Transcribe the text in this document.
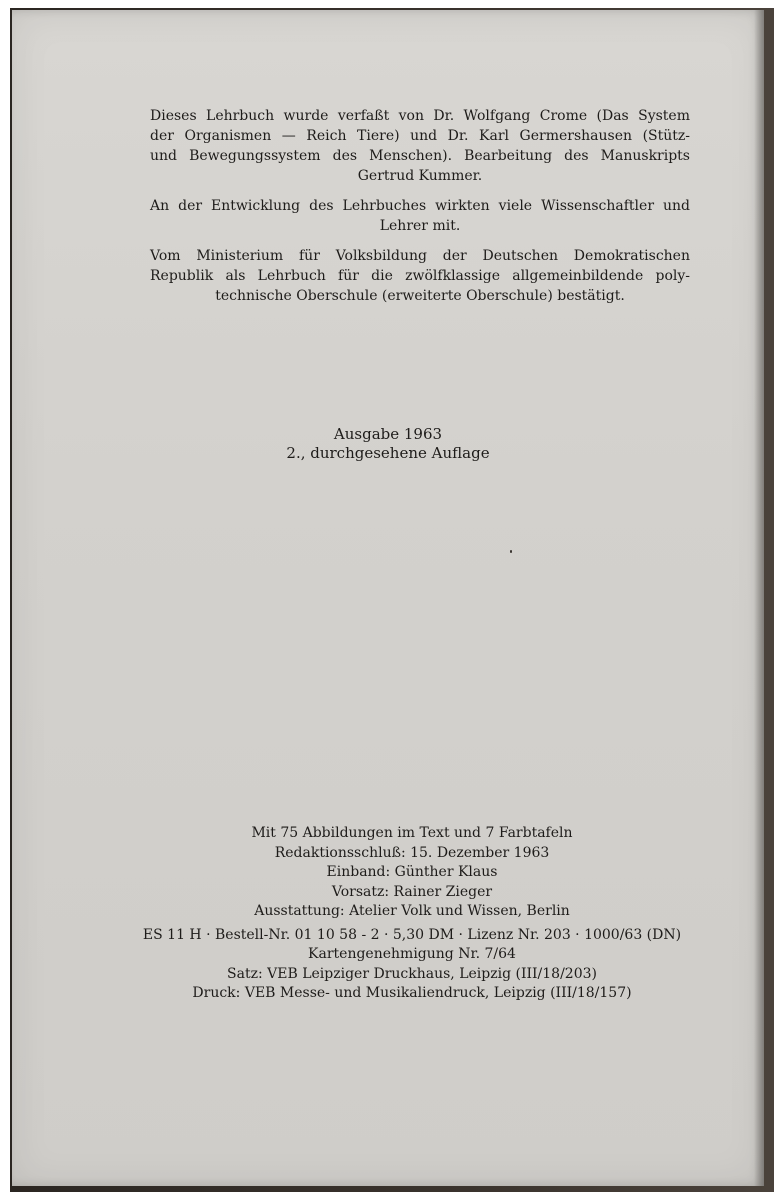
Dieses Lehrbuch wurde verfaßt von Dr. Wolfgang Crome (Das System
der Organismen — Reich Tiere) und Dr. Karl Germershausen (Stütz-
und Bewegungssystem des Menschen). Bearbeitung des Manuskripts
Gertrud Kummer.
An der Entwicklung des Lehrbuches wirkten viele Wissenschaftler und
Lehrer mit.
Vom Ministerium für Volksbildung der Deutschen Demokratischen
Republik als Lehrbuch für die zwölfklassige allgemeinbildende poly-
technische Oberschule (erweiterte Oberschule) bestätigt.
Ausgabe 1963
2., durchgesehene Auflage
Mit 75 Abbildungen im Text und 7 Farbtafeln
Redaktionsschluß: 15. Dezember 1963
Einband: Günther Klaus
Vorsatz: Rainer Zieger
Ausstattung: Atelier Volk und Wissen, Berlin
ES 11 H · Bestell-Nr. 01 10 58 - 2 · 5,30 DM · Lizenz Nr. 203 · 1000/63 (DN)
Kartengenehmigung Nr. 7/64
Satz: VEB Leipziger Druckhaus, Leipzig (III/18/203)
Druck: VEB Messe- und Musikaliendruck, Leipzig (III/18/157)
